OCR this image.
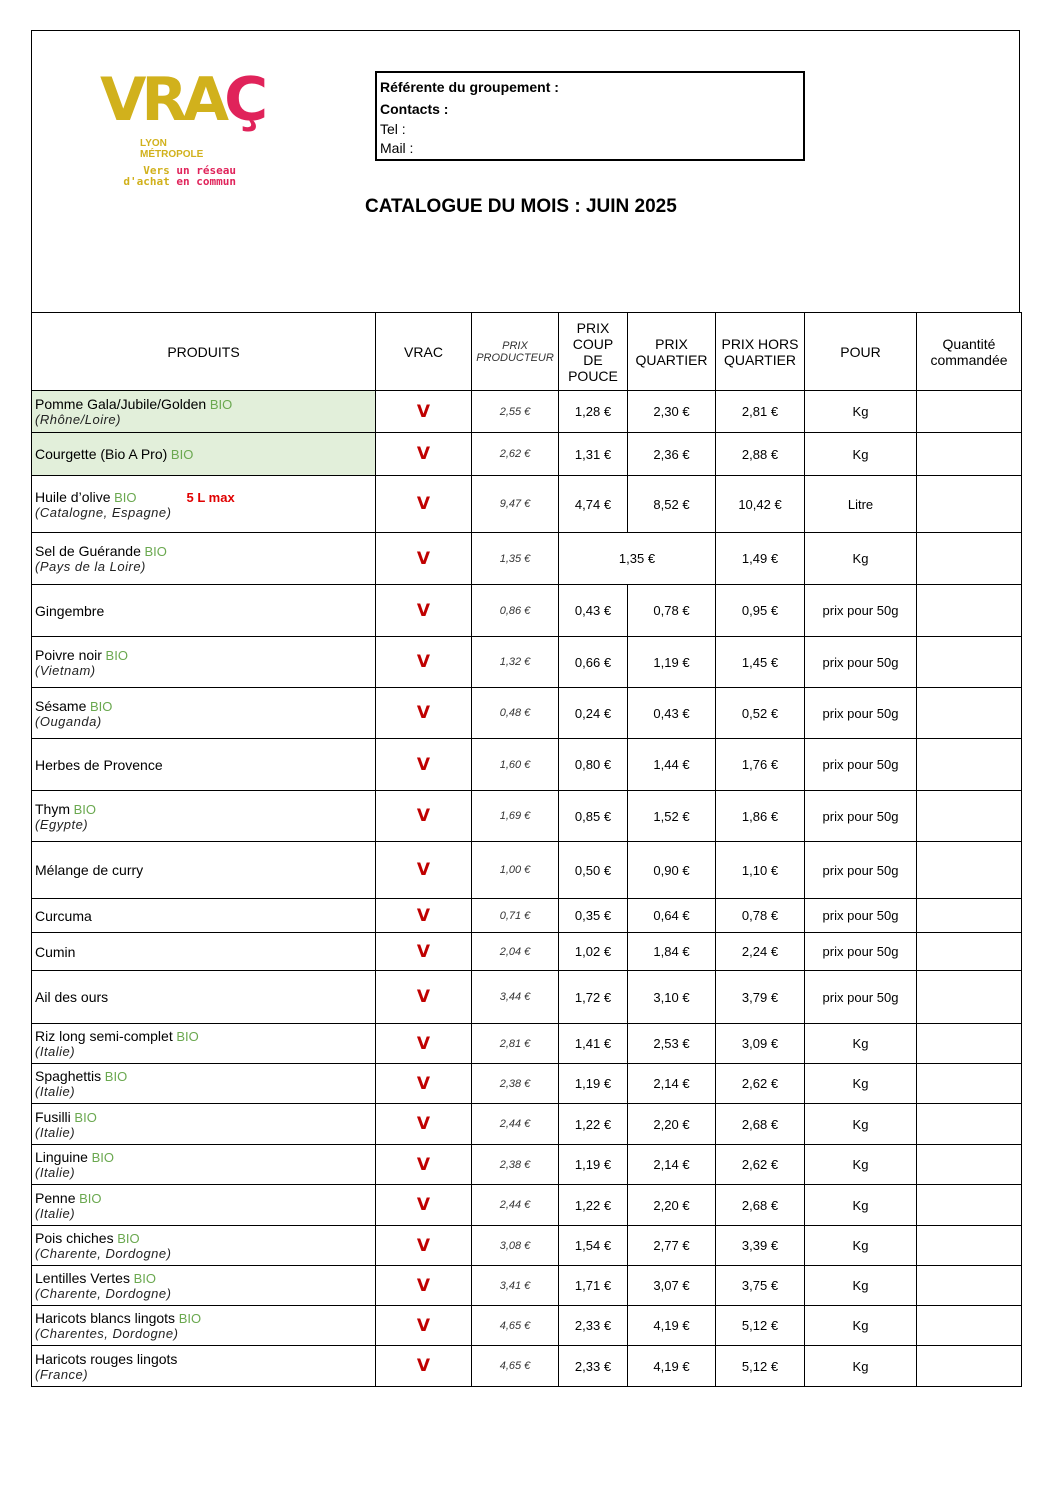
VRAÇ
LYON
MÉTROPOLE
Vers un réseau
d'achat en commun
Référente du groupement :
Contacts :
Tel :
Mail :
CATALOGUE DU MOIS : JUIN 2025
PRODUITS	VRAC	PRIX PRODUCTEUR	PRIX COUP DE POUCE	PRIX QUARTIER	PRIX HORS QUARTIER	POUR	Quantité commandée
Pomme Gala/Jubile/Golden BIO
(Rhône/Loire)	V	2,55 €	1,28 €	2,30 €	2,81 €	Kg	
Courgette (Bio A Pro) BIO	V	2,62 €	1,31 €	2,36 €	2,88 €	Kg	
Huile d’olive BIO 5 L max
(Catalogne, Espagne)	V	9,47 €	4,74 €	8,52 €	10,42 €	Litre	
Sel de Guérande BIO
(Pays de la Loire)	V	1,35 €	1,35 €		1,49 €	Kg	
Gingembre	V	0,86 €	0,43 €	0,78 €	0,95 €	prix pour 50g	
Poivre noir BIO
(Vietnam)	V	1,32 €	0,66 €	1,19 €	1,45 €	prix pour 50g	
Sésame BIO
(Ouganda)	V	0,48 €	0,24 €	0,43 €	0,52 €	prix pour 50g	
Herbes de Provence	V	1,60 €	0,80 €	1,44 €	1,76 €	prix pour 50g	
Thym BIO
(Egypte)	V	1,69 €	0,85 €	1,52 €	1,86 €	prix pour 50g	
Mélange de curry	V	1,00 €	0,50 €	0,90 €	1,10 €	prix pour 50g	
Curcuma	V	0,71 €	0,35 €	0,64 €	0,78 €	prix pour 50g	
Cumin	V	2,04 €	1,02 €	1,84 €	2,24 €	prix pour 50g	
Ail des ours	V	3,44 €	1,72 €	3,10 €	3,79 €	prix pour 50g	
Riz long semi-complet BIO
(Italie)	V	2,81 €	1,41 €	2,53 €	3,09 €	Kg	
Spaghettis BIO
(Italie)	V	2,38 €	1,19 €	2,14 €	2,62 €	Kg	
Fusilli BIO
(Italie)	V	2,44 €	1,22 €	2,20 €	2,68 €	Kg	
Linguine BIO
(Italie)	V	2,38 €	1,19 €	2,14 €	2,62 €	Kg	
Penne BIO
(Italie)	V	2,44 €	1,22 €	2,20 €	2,68 €	Kg	
Pois chiches BIO
(Charente, Dordogne)	V	3,08 €	1,54 €	2,77 €	3,39 €	Kg	
Lentilles Vertes BIO
(Charente, Dordogne)	V	3,41 €	1,71 €	3,07 €	3,75 €	Kg	
Haricots blancs lingots BIO
(Charentes, Dordogne)	V	4,65 €	2,33 €	4,19 €	5,12 €	Kg	
Haricots rouges lingots
(France)	V	4,65 €	2,33 €	4,19 €	5,12 €	Kg	
